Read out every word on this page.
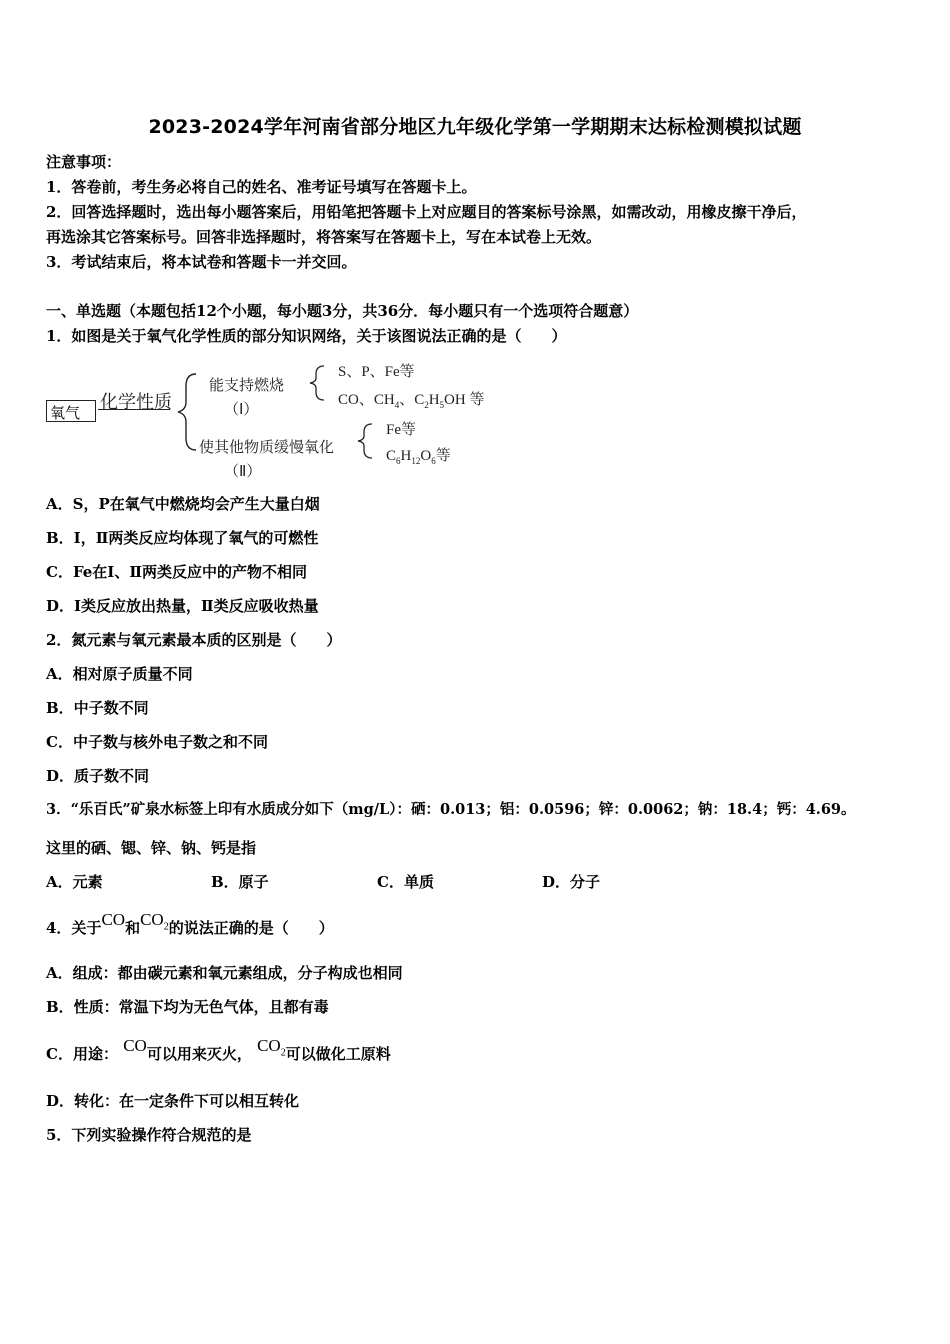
2023-2024学年河南省部分地区九年级化学第一学期期末达标检测模拟试题
注意事项：
1．答卷前，考生务必将自己的姓名、准考证号填写在答题卡上。
2．回答选择题时，选出每小题答案后，用铅笔把答题卡上对应题目的答案标号涂黑，如需改动，用橡皮擦干净后，
再选涂其它答案标号。回答非选择题时，将答案写在答题卡上，写在本试卷上无效。
3．考试结束后，将本试卷和答题卡一并交回。
一、单选题（本题包括12个小题，每小题3分，共36分．每小题只有一个选项符合题意）
1．如图是关于氧气化学性质的部分知识网络，关于该图说法正确的是（　　）
氧气 化学性质
能支持燃烧
（Ⅰ）
S、P、Fe等
CO、$CH_4$、$C_2H_5OH$ 等
使其他物质缓慢氧化
（Ⅱ）
Fe等
$C_6H_{12}O_6$等
A．S，P在氧气中燃烧均会产生大量白烟
B．Ⅰ，Ⅱ两类反应均体现了氧气的可燃性
C．Fe在Ⅰ、Ⅱ两类反应中的产物不相同
D．Ⅰ类反应放出热量，Ⅱ类反应吸收热量
2．氮元素与氧元素最本质的区别是（　　）
A．相对原子质量不同
B．中子数不同
C．中子数与核外电子数之和不同
D．质子数不同
3．“乐百氏”矿泉水标签上印有水质成分如下（mg/L）：硒：0.013；铝：0.0596；锌：0.0062；钠：18.4；钙：4.69。
这里的硒、锶、锌、钠、钙是指
A．元素	B．原子	C．单质	D．分子
4．关于CO和$CO_2$的说法正确的是（　　）
A．组成：都由碳元素和氧元素组成，分子构成也相同
B．性质：常温下均为无色气体，且都有毒
C．用途： CO可以用来灭火， $CO_2$可以做化工原料
D．转化：在一定条件下可以相互转化
5．下列实验操作符合规范的是
